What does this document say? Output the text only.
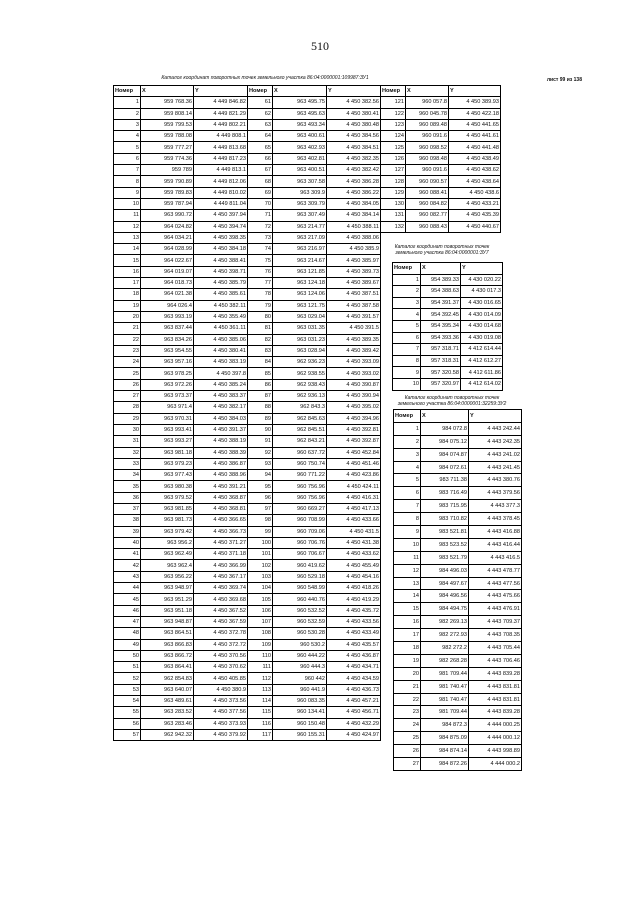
510
Каталог координат поворотных точек земельного участка 86:04:0000001:109987:ЗУ1	лист 99 из 138
Номер	X	Y	Номер	X	Y	Номер	X	Y
1	959 768.36	4 449 846.82	61	963 495.75	4 450 382.56	121	960 057.8	4 450 389.93
2	959 808.14	4 449 821.29	62	963 495.63	4 450 380.41	122	960 045.78	4 450 422.18
3	959 799.53	4 449 802.21	63	963 493.34	4 450 380.48	123	960 089.48	4 450 441.65
4	959 788.08	4 449 808.1	64	963 400.61	4 450 384.56	124	960 091.6	4 450 441.61
5	959 777.27	4 449 813.68	65	963 402.93	4 450 384.51	125	960 098.52	4 450 441.48
6	959 774.36	4 449 817.23	66	963 402.81	4 450 382.35	126	960 098.48	4 450 438.49
7	959 789	4 449 813.1	67	963 400.51	4 450 382.42	127	960 091.6	4 450 438.62
8	959 790.89	4 449 812.06	68	963 307.58	4 450 386.28	128	960 090.57	4 450 438.64
9	959 789.83	4 449 810.02	69	963 309.9	4 450 386.22	129	960 088.41	4 450 438.6
10	959 787.94	4 449 811.04	70	963 309.79	4 450 384.05	130	960 084.82	4 450 433.21
11	963 990.72	4 450 397.94	71	963 307.49	4 450 384.14	131	960 082.77	4 450 435.39
12	964 024.82	4 450 394.74	72	963 214.77	4 450 388.11	132	960 088.43	4 450 440.67
13	964 034.21	4 450 398.35	73	963 217.09	4 450 388.06			
14	964 028.99	4 450 384.18	74	963 216.97	4 450 385.9			
15	964 022.67	4 450 388.41	75	963 214.67	4 450 385.97			
16	964 019.07	4 450 398.71	76	963 121.85	4 450 389.73			
17	964 018.73	4 450 385.79	77	963 124.18	4 450 389.67			
18	964 021.38	4 450 385.61	78	963 124.06	4 450 387.51			
19	964 026.4	4 450 382.11	79	963 121.75	4 450 387.58			
20	963 993.19	4 450 355.49	80	963 029.04	4 450 391.57			
21	963 837.44	4 450 361.11	81	963 031.35	4 450 391.5			
22	963 834.26	4 450 385.06	82	963 031.23	4 450 389.35			
23	963 954.55	4 450 380.41	83	963 028.94	4 450 389.42			
24	963 957.16	4 450 383.19	84	962 936.23	4 450 393.09			
25	963 978.25	4 450 397.8	85	962 938.55	4 450 393.02			
26	963 972.26	4 450 385.24	86	962 938.43	4 450 390.87			
27	963 973.37	4 450 383.37	87	962 936.13	4 450 390.94			
28	963 971.4	4 450 382.17	88	962 843.3	4 450 395.02			
29	963 970.31	4 450 384.03	89	962 845.63	4 450 394.96			
30	963 993.41	4 450 391.37	90	962 845.51	4 450 392.81			
31	963 993.27	4 450 388.19	91	962 843.21	4 450 392.87			
32	963 981.18	4 450 388.39	92	960 637.72	4 450 452.84			
33	963 979.23	4 450 386.87	93	960 750.74	4 450 451.46			
34	963 977.43	4 450 388.96	94	960 771.22	4 450 423.86			
35	963 980.38	4 450 391.21	95	960 756.96	4 450 424.11			
36	963 979.52	4 450 368.87	96	960 756.96	4 450 416.31			
37	963 981.85	4 450 368.81	97	960 669.27	4 450 417.13			
38	963 981.73	4 450 366.65	98	960 708.99	4 450 433.66			
39	963 979.42	4 450 366.73	99	960 709.06	4 450 431.5			
40	963 956.2	4 450 371.27	100	960 706.76	4 450 431.38			
41	963 962.49	4 450 371.18	101	960 706.67	4 450 433.62			
42	963 962.4	4 450 366.99	102	960 419.62	4 450 455.49			
43	963 956.22	4 450 367.17	103	960 529.18	4 450 454.16			
44	963 948.97	4 450 369.74	104	960 548.99	4 450 418.26			
45	963 951.29	4 450 369.68	105	960 440.76	4 450 419.29			
46	963 951.18	4 450 367.52	106	960 532.52	4 450 435.72			
47	963 948.87	4 450 367.59	107	960 532.59	4 450 433.56			
48	963 864.51	4 450 372.78	108	960 530.28	4 450 433.49			
49	963 866.83	4 450 372.72	109	960 530.2	4 450 435.57			
50	963 866.72	4 450 370.56	110	960 444.22	4 450 436.87			
51	963 864.41	4 450 370.62	111	960 444.3	4 450 434.71			
52	962 854.83	4 450 405.85	112	960 442	4 450 434.59			
53	963 640.07	4 450 380.9	113	960 441.9	4 450 436.73			
54	963 489.61	4 450 373.56	114	960 083.35	4 450 457.21			
55	963 283.52	4 450 377.56	115	960 134.41	4 450 456.71			
56	963 283.46	4 450 373.93	116	960 150.48	4 450 432.29			
57	962 942.32	4 450 379.92	117	960 155.31	4 450 424.97			
Каталог координат поворотных точек
земельного участка 86:04:0000001:ЗУ7
Номер	X	Y
1	954 389.33	4 430 020.22
2	954 388.63	4 430 017.3
3	954 391.37	4 430 016.65
4	954 392.45	4 430 014.09
5	954 395.34	4 430 014.68
6	954 393.36	4 430 019.08
7	957 318.71	4 412 614.44
8	957 318.31	4 412 612.27
9	957 320.58	4 412 611.86
10	957 320.97	4 412 614.02
Каталог координат поворотных точек
земельного участка 86:04:0000001:32259:ЗУ2
Номер	X	Y
1	984 072.8	4 443 242.44
2	984 075.12	4 443 242.35
3	984 074.87	4 443 241.02
4	984 072.61	4 443 241.45
5	983 711.38	4 443 380.76
6	983 716.49	4 443 379.56
7	983 715.95	4 443 377.3
8	983 710.82	4 443 378.45
9	983 521.81	4 443 416.88
10	983 523.52	4 443 416.44
11	983 521.79	4 443 416.5
12	984 496.03	4 443 478.77
13	984 497.67	4 443 477.56
14	984 496.56	4 443 475.66
15	984 494.75	4 443 476.91
16	982 269.13	4 443 709.37
17	982 272.93	4 443 708.35
18	982 272.2	4 443 705.44
19	982 268.28	4 443 706.46
20	981 709.44	4 443 839.28
21	981 740.47	4 443 831.81
22	981 740.47	4 443 831.81
23	981 709.44	4 443 839.28
24	984 872.3	4 444 000.25
25	984 875.09	4 444 000.12
26	984 874.14	4 443 998.89
27	984 872.26	4 444 000.2
